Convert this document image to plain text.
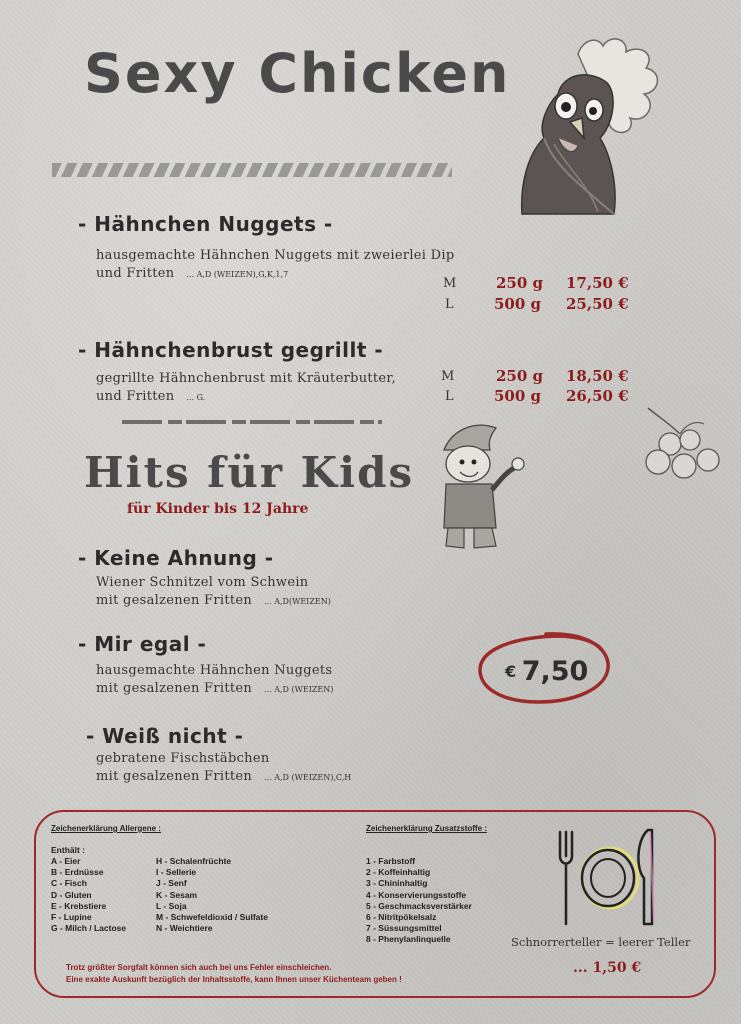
Sexy Chicken
- Hähnchen Nuggets -
hausgemachte Hähnchen Nuggets mit zweierlei Dip
und Fritten ... A,D (WEIZEN),G,K,1,7
M	250 g 17,50 €
L	500 g 25,50 €
- Hähnchenbrust gegrillt -
gegrillte Hähnchenbrust mit Kräuterbutter,
und Fritten ... G.
M	250 g 18,50 €
L	500 g 26,50 €
Hits für Kids
für Kinder bis 12 Jahre
- Keine Ahnung -
Wiener Schnitzel vom Schwein
mit gesalzenen Fritten ... A,D(WEIZEN)
- Mir egal -
hausgemachte Hähnchen Nuggets
mit gesalzenen Fritten ... A,D (WEIZEN)
- Weiß nicht -
gebratene Fischstäbchen
mit gesalzenen Fritten ... A,D (WEIZEN),C,H
€ 7,50
Zeichenerklärung Allergene :
Enthält :
A - Eier
B - Erdnüsse
C - Fisch
D - Gluten
E - Krebstiere
F - Lupine
G - Milch / Lactose
H - Schalenfrüchte
I - Sellerie
J - Senf
K - Sesam
L - Soja
M - Schwefeldioxid / Sulfate
N - Weichtiere
Zeichenerklärung Zusatzstoffe :
1 - Farbstoff
2 - Koffeinhaltig
3 - Chininhaltig
4 - Konservierungsstoffe
5 - Geschmacksverstärker
6 - Nitritpökelsalz
7 - Süssungsmittel
8 - Phenylanlinquelle	Schnorrerteller = leerer Teller
... 1,50 €
Trotz größter Sorgfalt können sich auch bei uns Fehler einschleichen.
Eine exakte Auskunft bezüglich der Inhaltsstoffe, kann Ihnen unser Küchenteam geben !
